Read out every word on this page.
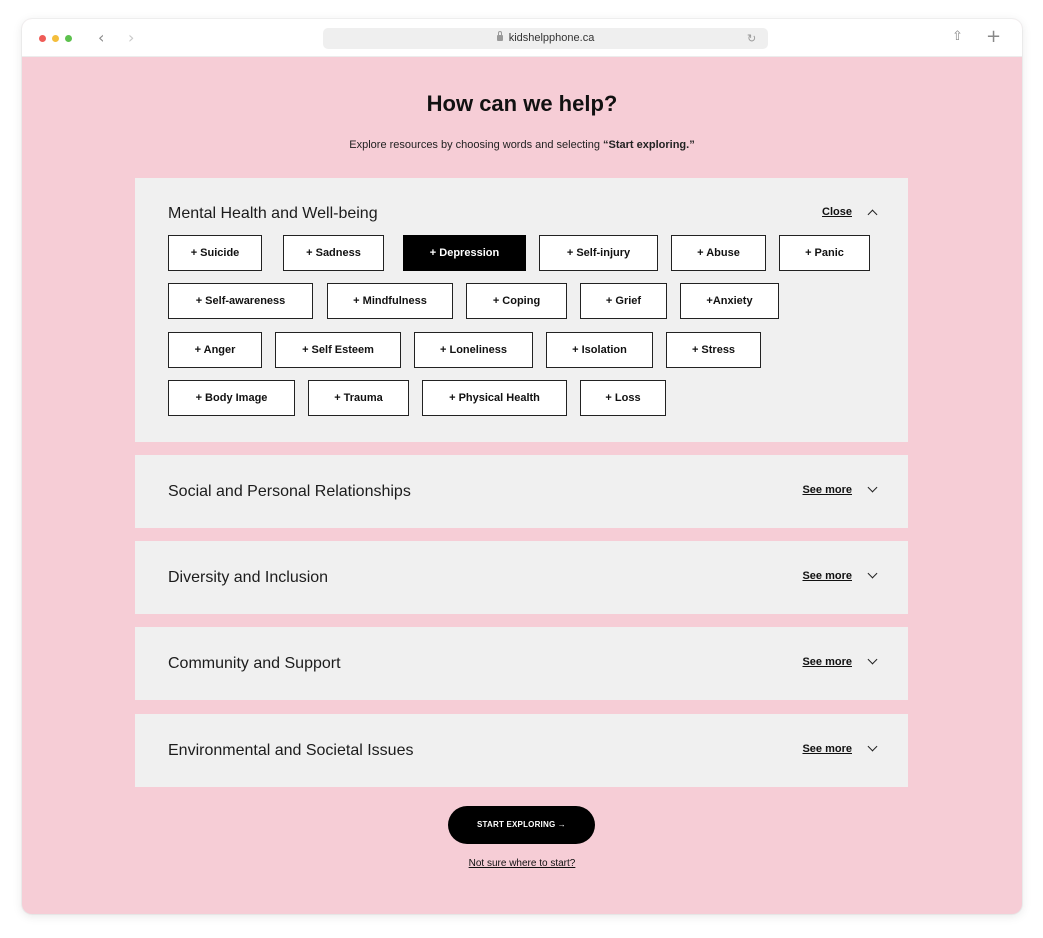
‹ ›	kidshelpphone.ca	↻	⇧ +
How can we help?

Explore resources by choosing words and selecting “Start exploring.”

Mental Health and Well-being	Close
+ Suicide	+ Sadness	+ Depression	+ Self-injury	+ Abuse	+ Panic
+ Self-awareness	+ Mindfulness	+ Coping	+ Grief	+Anxiety
+ Anger	+ Self Esteem	+ Loneliness	+ Isolation	+ Stress
+ Body Image	+ Trauma	+ Physical Health	+ Loss
Social and Personal Relationships	See more
Diversity and Inclusion	See more
Community and Support	See more
Environmental and Societal Issues	See more
START EXPLORING →

Not sure where to start?
